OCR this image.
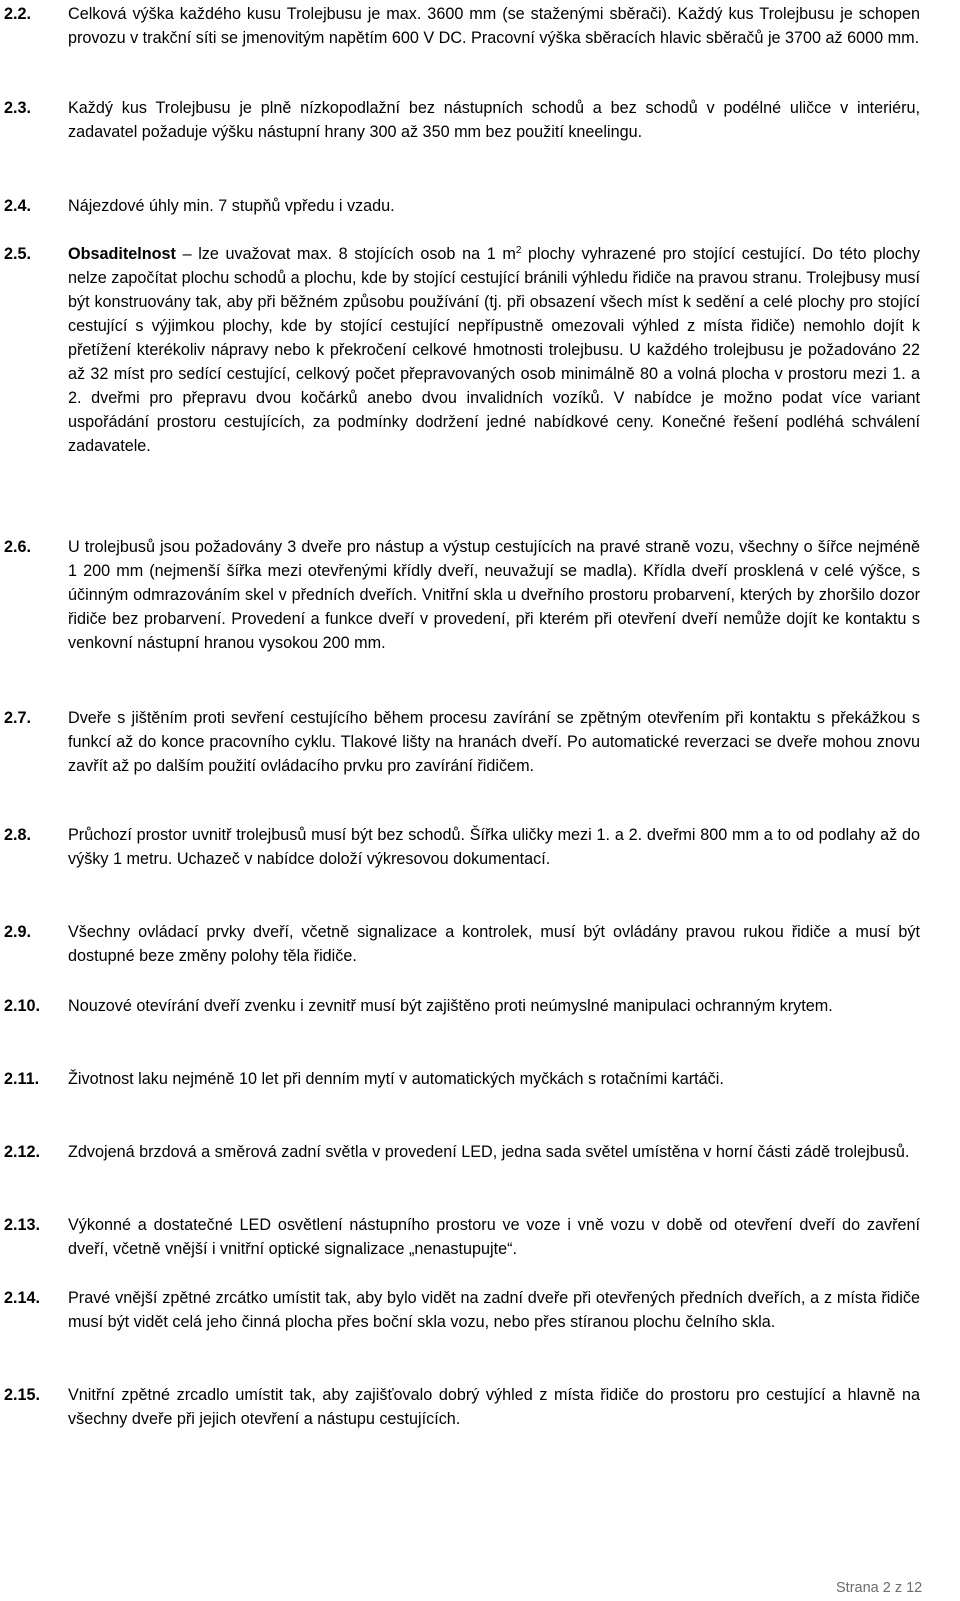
2.2. Celková výška každého kusu Trolejbusu je max. 3600 mm (se staženými sběrači). Každý kus Trolejbusu je schopen provozu v trakční síti se jmenovitým napětím 600 V DC. Pracovní výška sběracích hlavic sběračů je 3700 až 6000 mm.
2.3. Každý kus Trolejbusu je plně nízkopodlažní bez nástupních schodů a bez schodů v podélné uličce v interiéru, zadavatel požaduje výšku nástupní hrany 300 až 350 mm bez použití kneelingu.
2.4. Nájezdové úhly min. 7 stupňů vpředu i vzadu.
2.5. Obsaditelnost – lze uvažovat max. 8 stojících osob na 1 $m^2$ plochy vyhrazené pro stojící cestující. Do této plochy nelze započítat plochu schodů a plochu, kde by stojící cestující bránili výhledu řidiče na pravou stranu. Trolejbusy musí být konstruovány tak, aby při běžném způsobu používání (tj. při obsazení všech míst k sedění a celé plochy pro stojící cestující s výjimkou plochy, kde by stojící cestující nepřípustně omezovali výhled z místa řidiče) nemohlo dojít k přetížení kterékoliv nápravy nebo k překročení celkové hmotnosti trolejbusu. U každého trolejbusu je požadováno 22 až 32 míst pro sedící cestující, celkový počet přepravovaných osob minimálně 80 a volná plocha v prostoru mezi 1. a 2. dveřmi pro přepravu dvou kočárků anebo dvou invalidních vozíků. V nabídce je možno podat více variant uspořádání prostoru cestujících, za podmínky dodržení jedné nabídkové ceny. Konečné řešení podléhá schválení zadavatele.
2.6. U trolejbusů jsou požadovány 3 dveře pro nástup a výstup cestujících na pravé straně vozu, všechny o šířce nejméně 1 200 mm (nejmenší šířka mezi otevřenými křídly dveří, neuvažují se madla). Křídla dveří prosklená v celé výšce, s účinným odmrazováním skel v předních dveřích. Vnitřní skla u dveřního prostoru probarvení, kterých by zhoršilo dozor řidiče bez probarvení. Provedení a funkce dveří v provedení, při kterém při otevření dveří nemůže dojít ke kontaktu s venkovní nástupní hranou vysokou 200 mm.
2.7. Dveře s jištěním proti sevření cestujícího během procesu zavírání se zpětným otevřením při kontaktu s překážkou s funkcí až do konce pracovního cyklu. Tlakové lišty na hranách dveří. Po automatické reverzaci se dveře mohou znovu zavřít až po dalším použití ovládacího prvku pro zavírání řidičem.
2.8. Průchozí prostor uvnitř trolejbusů musí být bez schodů. Šířka uličky mezi 1. a 2. dveřmi 800 mm a to od podlahy až do výšky 1 metru. Uchazeč v nabídce doloží výkresovou dokumentací.
2.9. Všechny ovládací prvky dveří, včetně signalizace a kontrolek, musí být ovládány pravou rukou řidiče a musí být dostupné beze změny polohy těla řidiče.
2.10. Nouzové otevírání dveří zvenku i zevnitř musí být zajištěno proti neúmyslné manipulaci ochranným krytem.
2.11. Životnost laku nejméně 10 let při denním mytí v automatických myčkách s rotačními kartáči.
2.12. Zdvojená brzdová a směrová zadní světla v provedení LED, jedna sada světel umístěna v horní části zádě trolejbusů.
2.13. Výkonné a dostatečné LED osvětlení nástupního prostoru ve voze i vně vozu v době od otevření dveří do zavření dveří, včetně vnější i vnitřní optické signalizace „nenastupujte“.
2.14. Pravé vnější zpětné zrcátko umístit tak, aby bylo vidět na zadní dveře při otevřených předních dveřích, a z místa řidiče musí být vidět celá jeho činná plocha přes boční skla vozu, nebo přes stíranou plochu čelního skla.
2.15. Vnitřní zpětné zrcadlo umístit tak, aby zajišťovalo dobrý výhled z místa řidiče do prostoru pro cestující a hlavně na všechny dveře při jejich otevření a nástupu cestujících.
Strana 2 z 12
